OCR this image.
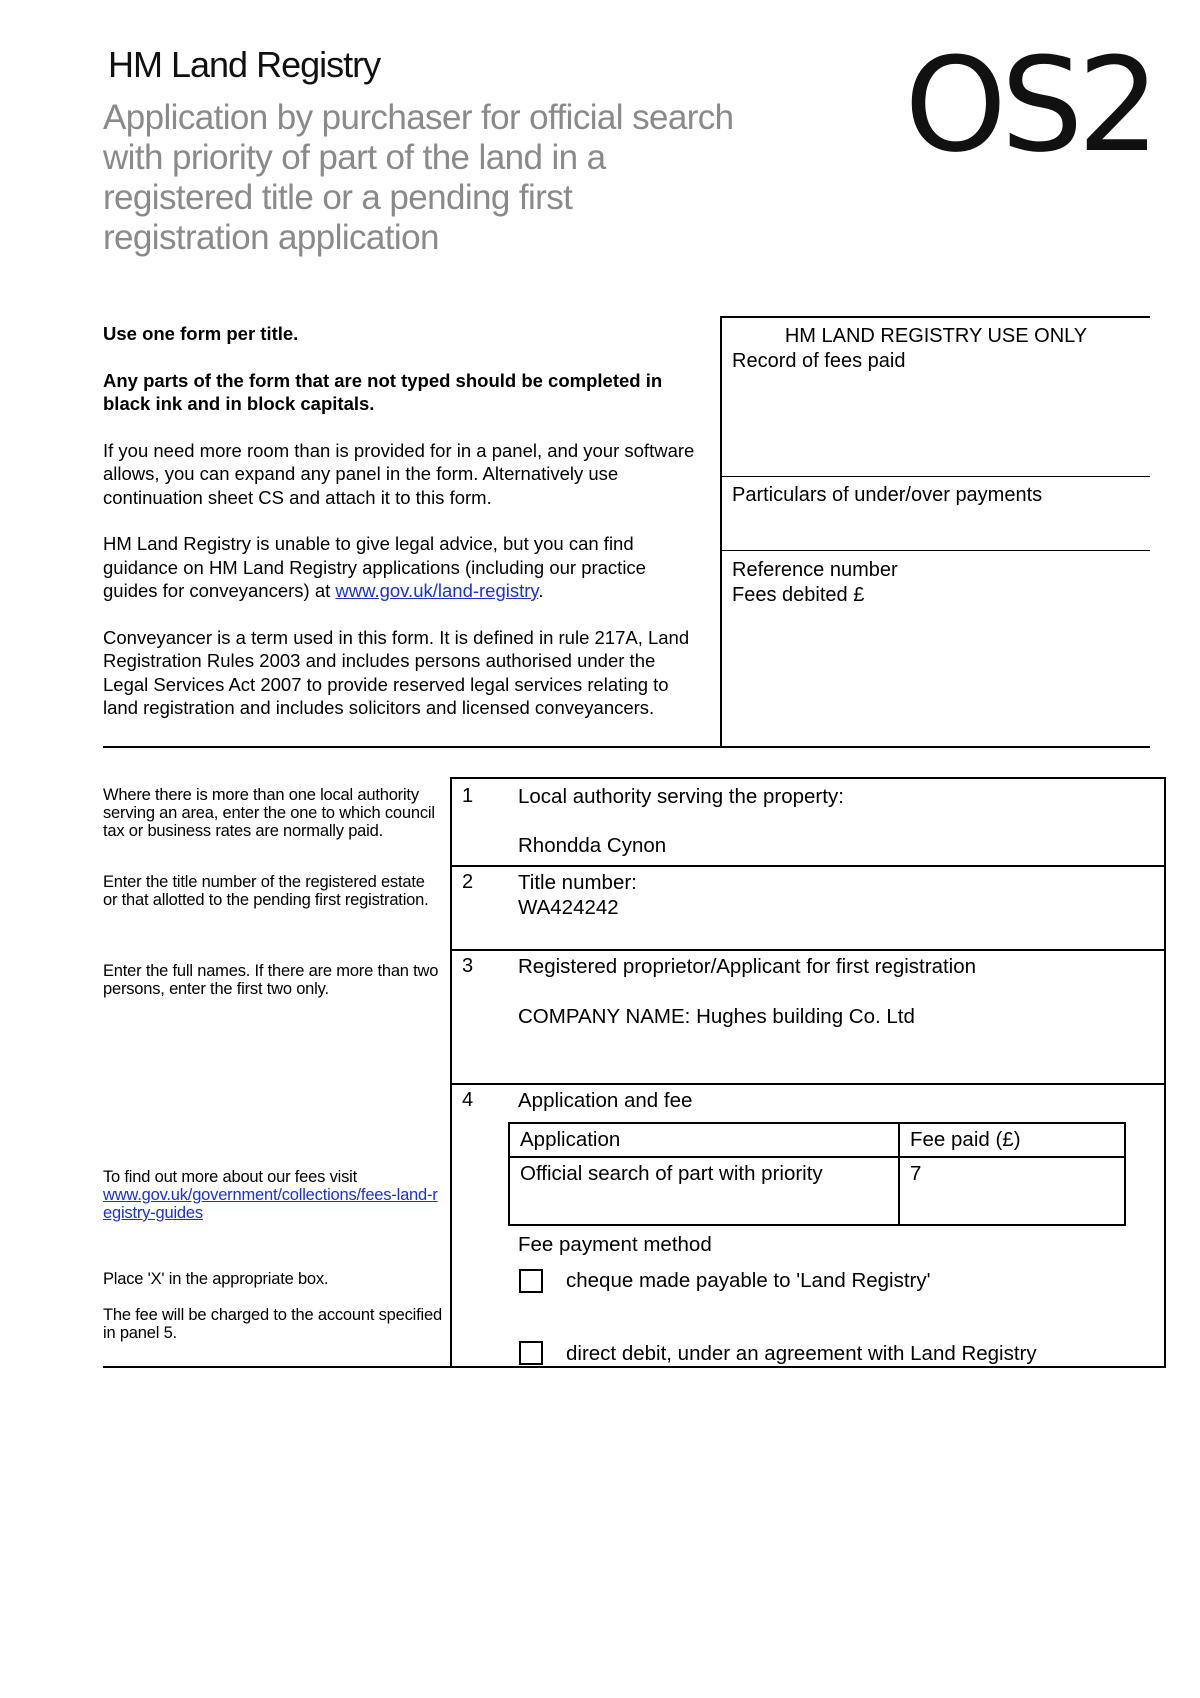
HM Land Registry
Application by purchaser for official search with priority of part of the land in a registered title or a pending first registration application
OS2

Use one form per title.

Any parts of the form that are not typed should be completed in black ink and in block capitals.

If you need more room than is provided for in a panel, and your software allows, you can expand any panel in the form. Alternatively use continuation sheet CS and attach it to this form.

HM Land Registry is unable to give legal advice, but you can find guidance on HM Land Registry applications (including our practice guides for conveyancers) at www.gov.uk/land-registry.

Conveyancer is a term used in this form. It is defined in rule 217A, Land Registration Rules 2003 and includes persons authorised under the Legal Services Act 2007 to provide reserved legal services relating to land registration and includes solicitors and licensed conveyancers.

HM LAND REGISTRY USE ONLY
Record of fees paid
Particulars of under/over payments
Reference number
Fees debited £
Where there is more than one local authority serving an area, enter the one to which council tax or business rates are normally paid.
Enter the title number of the registered estate or that allotted to the pending first registration.
Enter the full names. If there are more than two persons, enter the first two only.
To find out more about our fees visit
www.gov.uk/government/collections/fees-land-registry-guides
Place 'X' in the appropriate box.
The fee will be charged to the account specified in panel 5.
1 Local authority serving the property:
Rhondda Cynon
2 Title number:
WA424242
3 Registered proprietor/Applicant for first registration
COMPANY NAME: Hughes building Co. Ltd
4 Application and fee
Application	Fee paid (£)
Official search of part with priority	7
Fee payment method
cheque made payable to 'Land Registry'
direct debit, under an agreement with Land Registry
